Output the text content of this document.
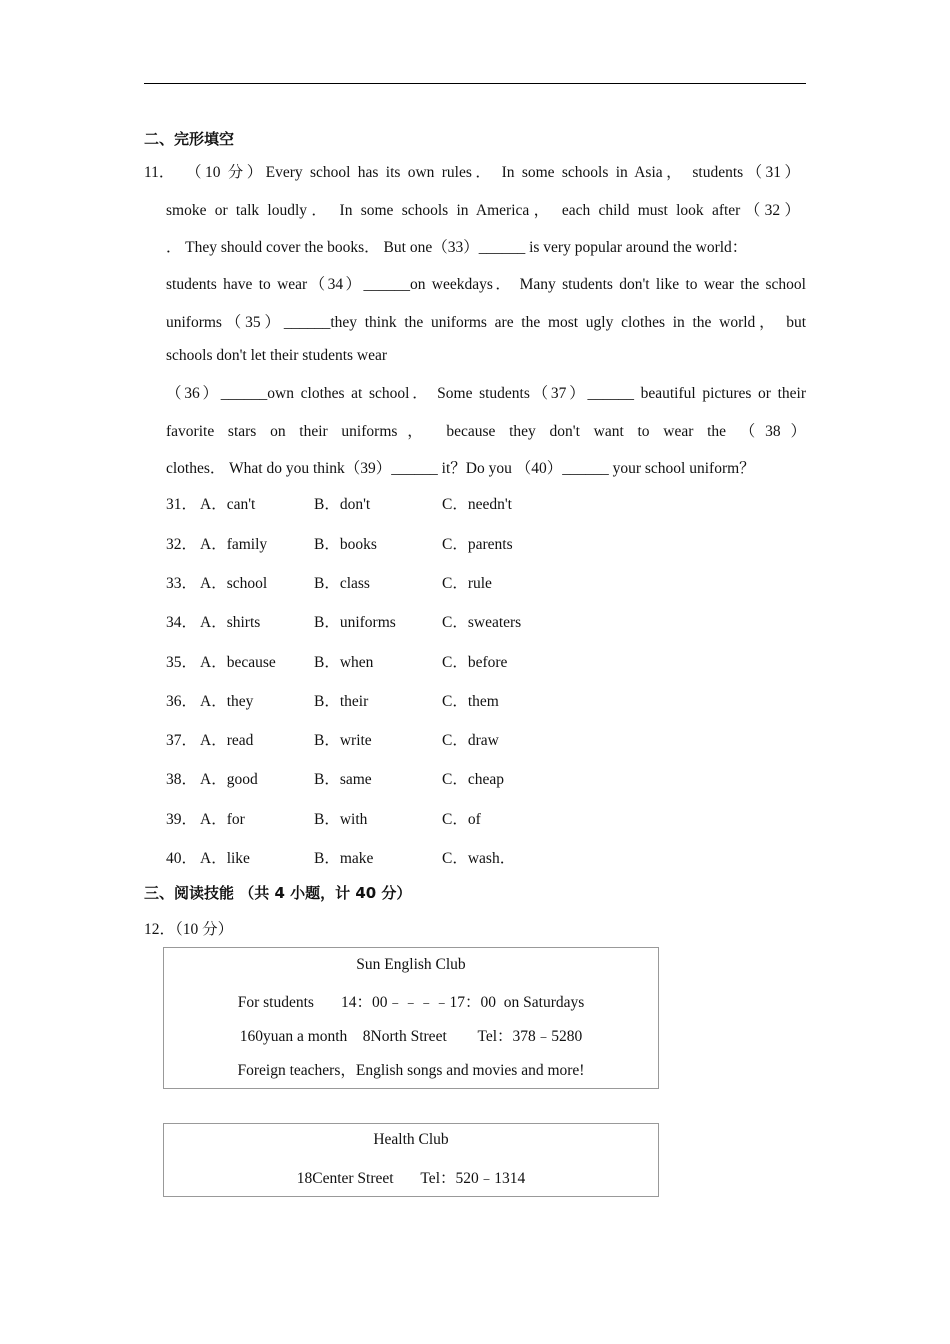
二、完形填空
11． （10 分）Every school has its own rules． In some schools in Asia， students（31）
smoke or talk loudly． In some schools in America， each child must look after（32）
． They should cover the books． But one（33）______ is very popular around the world：
students have to wear（34）______on weekdays． Many students don't like to wear the school
uniforms（35）______they think the uniforms are the most ugly clothes in the world， but
schools don't let their students wear
（36）______own clothes at school． Some students（37）______ beautiful pictures or their
favorite stars on their uniforms， because they don't want to wear the （38）
clothes． What do you think（39）______ it？Do you （40）______ your school uniform？
31． A．can't	B．don't	C．needn't
32． A．family	B．books	C．parents
33． A．school	B．class	C．rule
34． A．shirts	B．uniforms	C．sweaters
35． A．because B．when	C．before
36． A．they	B．their	C．them
37． A．read	B．write	C．draw
38． A．good	B．same	C．cheap
39． A．for	B．with	C．of
40． A．like	B．make	C．wash．
三、阅读技能 （共 4 小题，计 40 分）
12．（10 分）
Sun English Club
For students       14：00﹣﹣﹣﹣17：00  on Saturdays
160yuan a month    8North Street        Tel：378﹣5280
Foreign teachers，English songs and movies and more!
Health Club
18Center Street       Tel：520﹣1314
